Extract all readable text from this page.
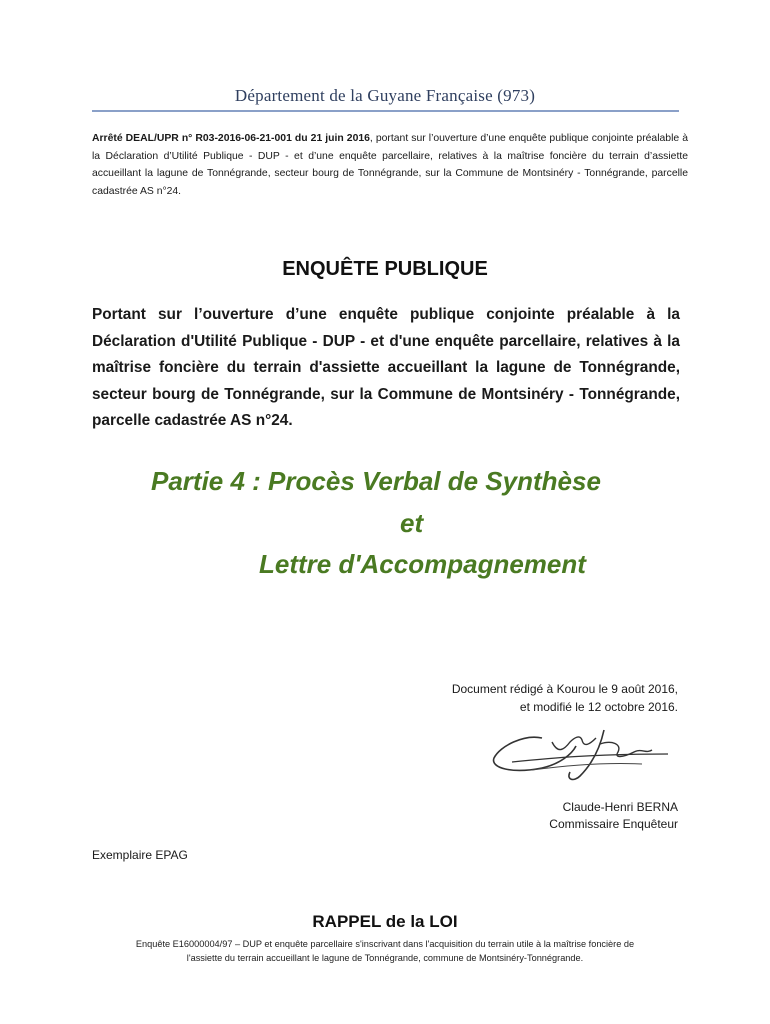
Département de la Guyane Française (973)
Arrêté DEAL/UPR n° R03-2016-06-21-001 du 21 juin 2016, portant sur l’ouverture d’une enquête publique conjointe préalable à la Déclaration d’Utilité Publique - DUP - et d’une enquête parcellaire, relatives à la maîtrise foncière du terrain d’assiette accueillant la lagune de Tonnégrande, secteur bourg de Tonnégrande, sur la Commune de Montsinéry - Tonnégrande, parcelle cadastrée AS n°24.
ENQUÊTE PUBLIQUE
Portant sur l’ouverture d’une enquête publique conjointe préalable à la Déclaration d'Utilité Publique - DUP - et d'une enquête parcellaire, relatives à la maîtrise foncière du terrain d'assiette accueillant la lagune de Tonnégrande, secteur bourg de Tonnégrande, sur la Commune de Montsinéry - Tonnégrande, parcelle cadastrée AS n°24.
Partie 4 : Procès Verbal de Synthèse
et
Lettre d'Accompagnement
Document rédigé à Kourou le 9 août 2016,
et modifié le 12 octobre 2016.
Claude-Henri BERNA
Commissaire Enquêteur
Exemplaire EPAG
RAPPEL de la LOI
Enquête E16000004/97 – DUP et enquête parcellaire s'inscrivant dans l'acquisition du terrain utile à la maîtrise foncière de
l'assiette du terrain accueillant le lagune de Tonnégrande, commune de Montsinéry-Tonnégrande.
